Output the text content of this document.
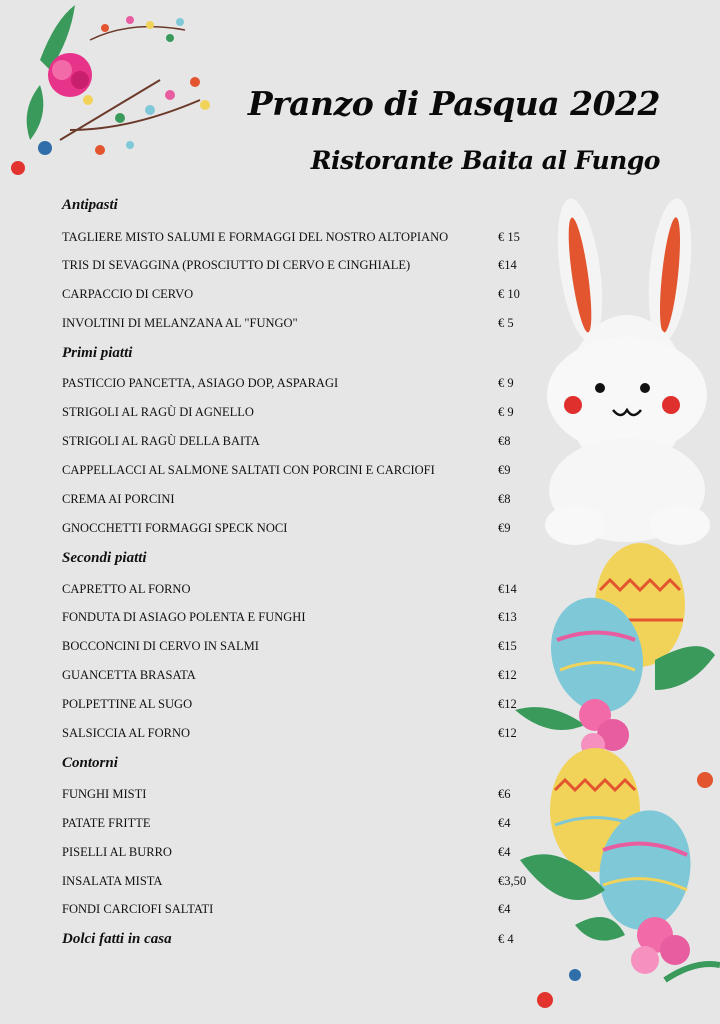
Pranzo di Pasqua 2022
Ristorante Baita al Fungo
Antipasti
TAGLIERE MISTO SALUMI E FORMAGGI DEL NOSTRO ALTOPIANO	€ 15
TRIS DI SEVAGGINA (PROSCIUTTO DI CERVO E CINGHIALE)	€14
CARPACCIO DI CERVO	€ 10
INVOLTINI DI MELANZANA AL "FUNGO"	€ 5
Primi piatti
PASTICCIO PANCETTA, ASIAGO DOP, ASPARAGI	€ 9
STRIGOLI AL RAGÙ DI AGNELLO	€ 9
STRIGOLI AL RAGÙ DELLA BAITA	€8
CAPPELLACCI AL SALMONE SALTATI CON PORCINI E CARCIOFI	€9
CREMA AI PORCINI	€8
GNOCCHETTI FORMAGGI SPECK NOCI	€9
Secondi piatti
CAPRETTO AL FORNO	€14
FONDUTA DI ASIAGO POLENTA E FUNGHI	€13
BOCCONCINI DI CERVO IN SALMI	€15
GUANCETTA BRASATA	€12
POLPETTINE AL SUGO	€12
SALSICCIA AL FORNO	€12
Contorni
FUNGHI MISTI	€6
PATATE FRITTE	€4
PISELLI AL BURRO	€4
INSALATA MISTA	€3,50
FONDI CARCIOFI SALTATI	€4
Dolci fatti in casa	€ 4
